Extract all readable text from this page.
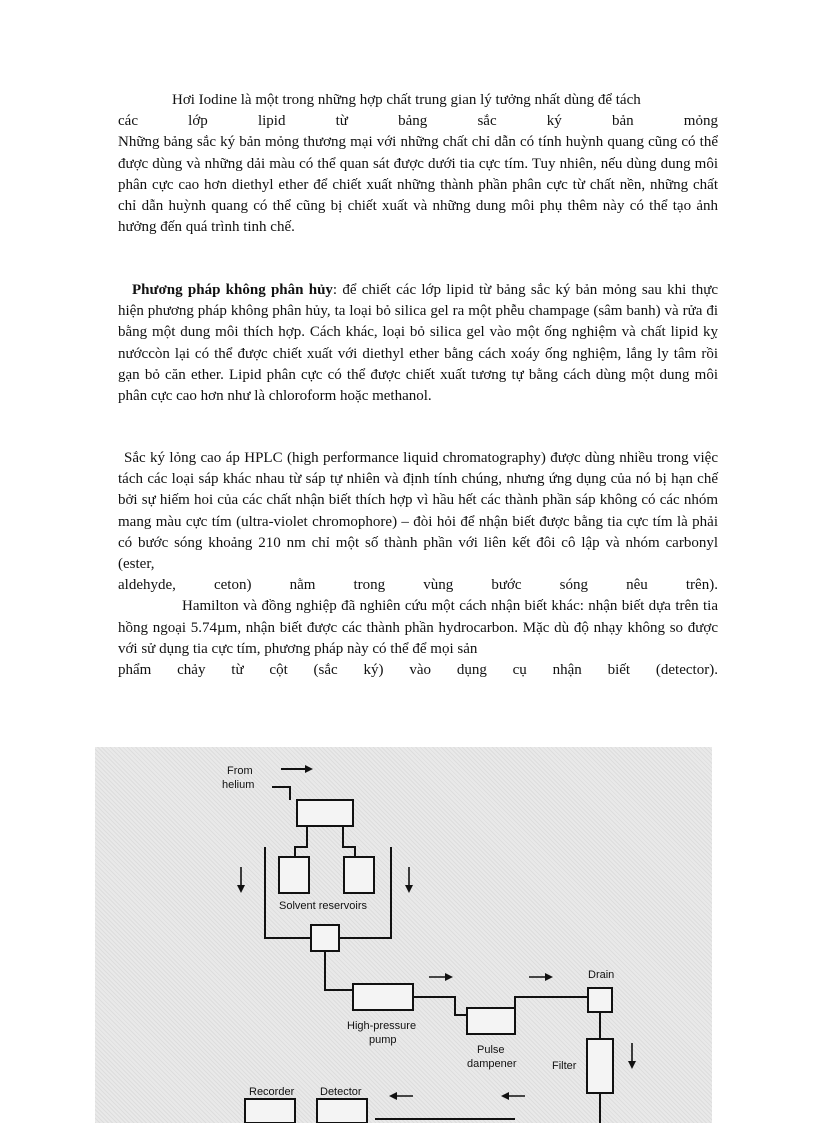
Hơi Iodine là một trong những hợp chất trung gian lý tưởng nhất dùng để tách

các	lớp	lipid	từ	bảng	sắc	ký	bản	mỏng

Những bảng sắc ký bản mỏng thương mại với những chất chỉ dẫn có tính huỳnh quang cũng có thể được dùng và những dải màu có thể quan sát được dưới tia cực tím. Tuy nhiên, nếu dùng dung môi phân cực cao hơn diethyl ether để chiết xuất những thành phần phân cực từ chất nền, những chất chỉ dẫn huỳnh quang có thể cũng bị chiết xuất và những dung môi phụ thêm này có thể tạo ảnh hưởng đến quá trình tinh chế.

Phương pháp không phân hủy: để chiết các lớp lipid từ bảng sắc ký bản mỏng sau khi thực hiện phương pháp không phân hủy, ta loại bỏ silica gel ra một phễu champage (sâm banh) và rửa đi bằng một dung môi thích hợp. Cách khác, loại bỏ silica gel vào một ống nghiệm và chất lipid kỵ nướccòn lại có thể được chiết xuất với diethyl ether bằng cách xoáy ống nghiệm, lắng ly tâm rồi gạn bỏ căn ether. Lipid phân cực có thể được chiết xuất tương tự bằng cách dùng một dung môi phân cực cao hơn như là chloroform hoặc methanol.

Sắc ký lỏng cao áp HPLC (high performance liquid chromatography) được dùng nhiều trong việc tách các loại sáp khác nhau từ sáp tự nhiên và định tính chúng, nhưng ứng dụng của nó bị hạn chế bởi sự hiếm hoi của các chất nhận biết thích hợp vì hầu hết các thành phần sáp không có các nhóm mang màu cực tím (ultra-violet chromophore) – đòi hỏi để nhận biết được bằng tia cực tím là phải có bước sóng khoảng 210 nm chỉ một số thành phần với liên kết đôi cô lập và nhóm carbonyl (ester,

aldehyde,	ceton)	nằm	trong	vùng	bước	sóng	nêu	trên).

Hamilton và đồng nghiệp đã nghiên cứu một cách nhận biết khác: nhận biết dựa trên tia hồng ngoại 5.74µm, nhận biết được các thành phần hydrocarbon. Mặc dù độ nhạy không so được với sử dụng tia cực tím, phương pháp này có thể để mọi sản

phẩm chảy từ cột (sắc ký) vào dụng cụ nhận biết (detector).

From
helium
Solvent reservoirs
Drain
High-pressure
pump
Pulse
dampener	Filter
Recorder Detector
